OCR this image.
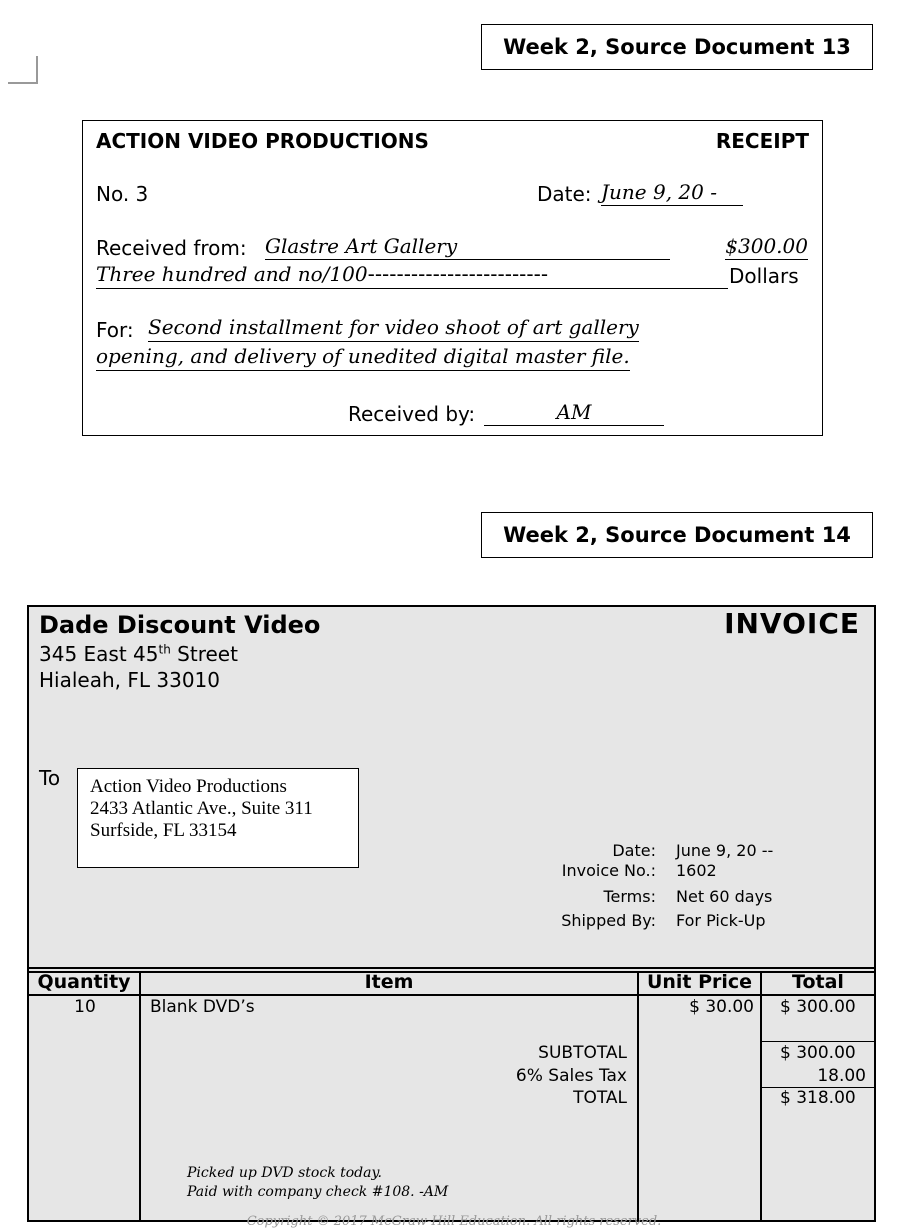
Week 2, Source Document 13
ACTION VIDEO PRODUCTIONS	RECEIPT
No. 3	Date: June 9, 20 -
Received from: Glastre Art Gallery	$300.00
Three hundred and no/100-------------------------	Dollars
For: Second installment for video shoot of art gallery
opening, and delivery of unedited digital master file.
Received by:	AM
Week 2, Source Document 14
Dade Discount Video	INVOICE
345 East 45th Street
Hialeah, FL 33010
To
Date: June 9, 20 --
Invoice No.: 1602
Terms: Net 60 days
Shipped By: For Pick-Up
Quantity	Item	Unit Price	Total
10	Blank DVD’s	$ 30.00 $ 300.00
SUBTOTAL	$ 300.00
6% Sales Tax	18.00
TOTAL	$ 318.00
Picked up DVD stock today.
Paid with company check #108. -AM
Action Video Productions
2433 Atlantic Ave., Suite 311
Surfside, FL 33154
Copyright © 2017 McGraw-Hill Education. All rights reserved.
